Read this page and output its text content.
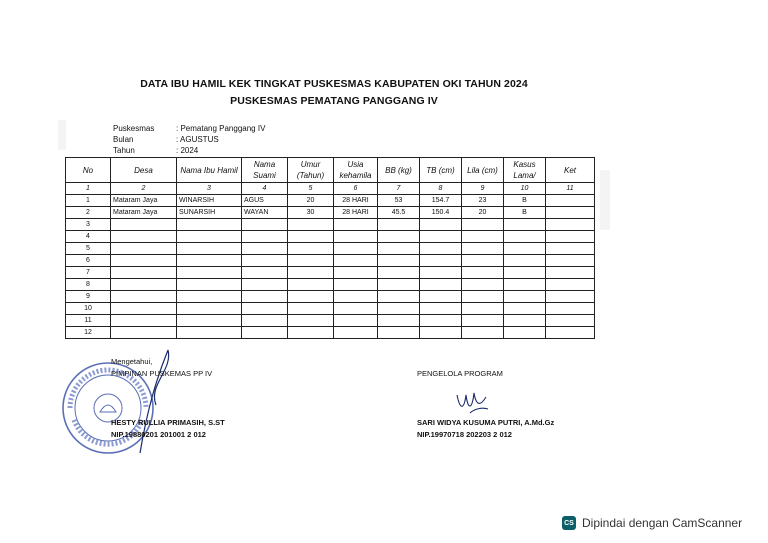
DATA IBU HAMIL KEK TINGKAT PUSKESMAS KABUPATEN OKI TAHUN 2024
PUSKESMAS PEMATANG PANGGANG IV
Puskesmas	: Pematang Panggang IV
Bulan	: AGUSTUS
Tahun	: 2024
No	Desa	Nama Ibu Hamil	Nama Suami	Umur (Tahun)	Usia kehamila	BB (kg)	TB (cm)	Lila (cm)	Kasus Lama/	Ket
1	2	3	4	5	6	7	8	9	10	11
1	Mataram Jaya	WINARSIH	AGUS	20	28 HARI	53	154.7	23	B	
2	Mataram Jaya	SUNARSIH	WAYAN	30	28 HARI	45.5	150.4	20	B	
3										
4										
5										
6										
7										
8										
9										
10										
11										
12										
Mengetahui,
PIMPINAN PUSKEMAS PP IV
HESTY RULLIA PRIMASIH, S.ST
NIP.19880201 201001 2 012
PENGELOLA PROGRAM
SARI WIDYA KUSUMA PUTRI, A.Md.Gz
NIP.19970718 202203 2 012
CS Dipindai dengan CamScanner
